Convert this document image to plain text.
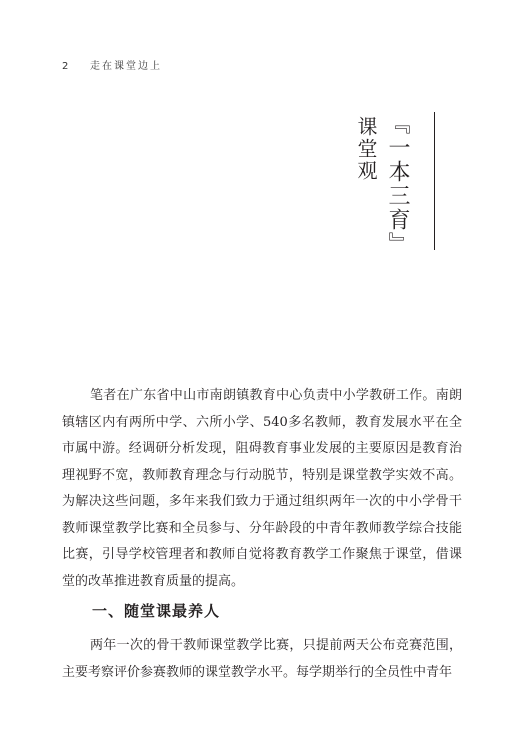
2 走在课堂边上
『一本三育』
课堂观

笔者在广东省中山市南朗镇教育中心负责中小学教研工作。南朗镇辖区内有两所中学、六所小学、540多名教师，教育发展水平在全市属中游。经调研分析发现，阻碍教育事业发展的主要原因是教育治理视野不宽，教师教育理念与行动脱节，特别是课堂教学实效不高。为解决这些问题，多年来我们致力于通过组织两年一次的中小学骨干教师课堂教学比赛和全员参与、分年龄段的中青年教师教学综合技能比赛，引导学校管理者和教师自觉将教育教学工作聚焦于课堂，借课堂的改革推进教育质量的提高。

一、随堂课最养人

两年一次的骨干教师课堂教学比赛，只提前两天公布竞赛范围，主要考察评价参赛教师的课堂教学水平。每学期举行的全员性中青年
